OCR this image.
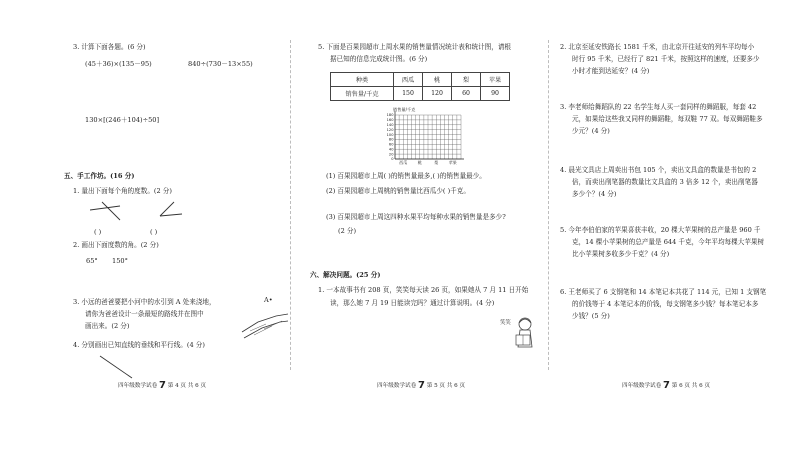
3. 计算下面各题。(6 分)
(45＋36)×(135－95)	840÷(730－13×55)
130×[(246＋104)÷50]
五、手工作坊。(16 分)
1. 量出下面每个角的度数。(2 分)
( )	( )
2. 画出下面度数的角。(2 分)
65° 150°
3. 小远的爸爸要把小河中的水引到 A 处来浇地，
请你为爸爸设计一条最短的路线并在图中
画出来。(2 分)
A•
4. 分别画出已知直线的垂线和平行线。(4 分)
四年级数学试卷 7 第 4 页 共 6 页
5. 下面是百果园超市上周水果的销售量情况统计表和统计图，请根
据已知的信息完成统计图。(6 分)
种类	西瓜	桃	梨	苹果
销售量/千克	150	120	60	90
销售量/千克
0
20
40
60
80
100
120
140
160
180
西瓜	桃	梨	苹果
(1) 百果园超市上周( )的销售量最多,( )的销售量最少。
(2) 百果园超市上周桃的销售量比西瓜少( )千克。
(3) 百果园超市上周这四种水果平均每种水果的销售量是多少?
(2 分)
六、解决问题。(25 分)
1. 一本故事书有 208 页，笑笑每天读 26 页，如果她从 7 月 11 日开始
读，那么她 7 月 19 日能读完吗？通过计算说明。(4 分)
笑笑
四年级数学试卷 7 第 5 页 共 6 页
2. 北京至延安铁路长 1581 千米，由北京开往延安的列车平均每小
时行 95 千米，已经行了 821 千米，按照这样的速度，还要多少
小时才能到达延安？(4 分)
3. 李老师给舞蹈队的 22 名学生每人买一套同样的舞蹈服，每套 42
元，如果给这些我又同样的舞蹈鞋，每双鞋 77 双。每双舞蹈鞋多
少元？(4 分)
4. 晨光文具店上周卖出书包 105 个，卖出文具盒的数量是书包的 2
倍，而卖出削笔器的数量比文具盒的 3 倍多 12 个，卖出削笔器
多少个？(4 分)
5. 今年李伯伯家的苹果喜获丰收，20 棵大苹果树的总产量是 960 千
克，14 棵小苹果树的总产量是 644 千克，今年平均每棵大苹果树
比小苹果树多收多少千克？(4 分)
6. 王老师买了 6 支钢笔和 14 本笔记本共花了 114 元，已知 1 支钢笔
的价钱等于 4 本笔记本的价钱，每支钢笔多少钱？每本笔记本多
少钱？(5 分)
四年级数学试卷 7 第 6 页 共 6 页
